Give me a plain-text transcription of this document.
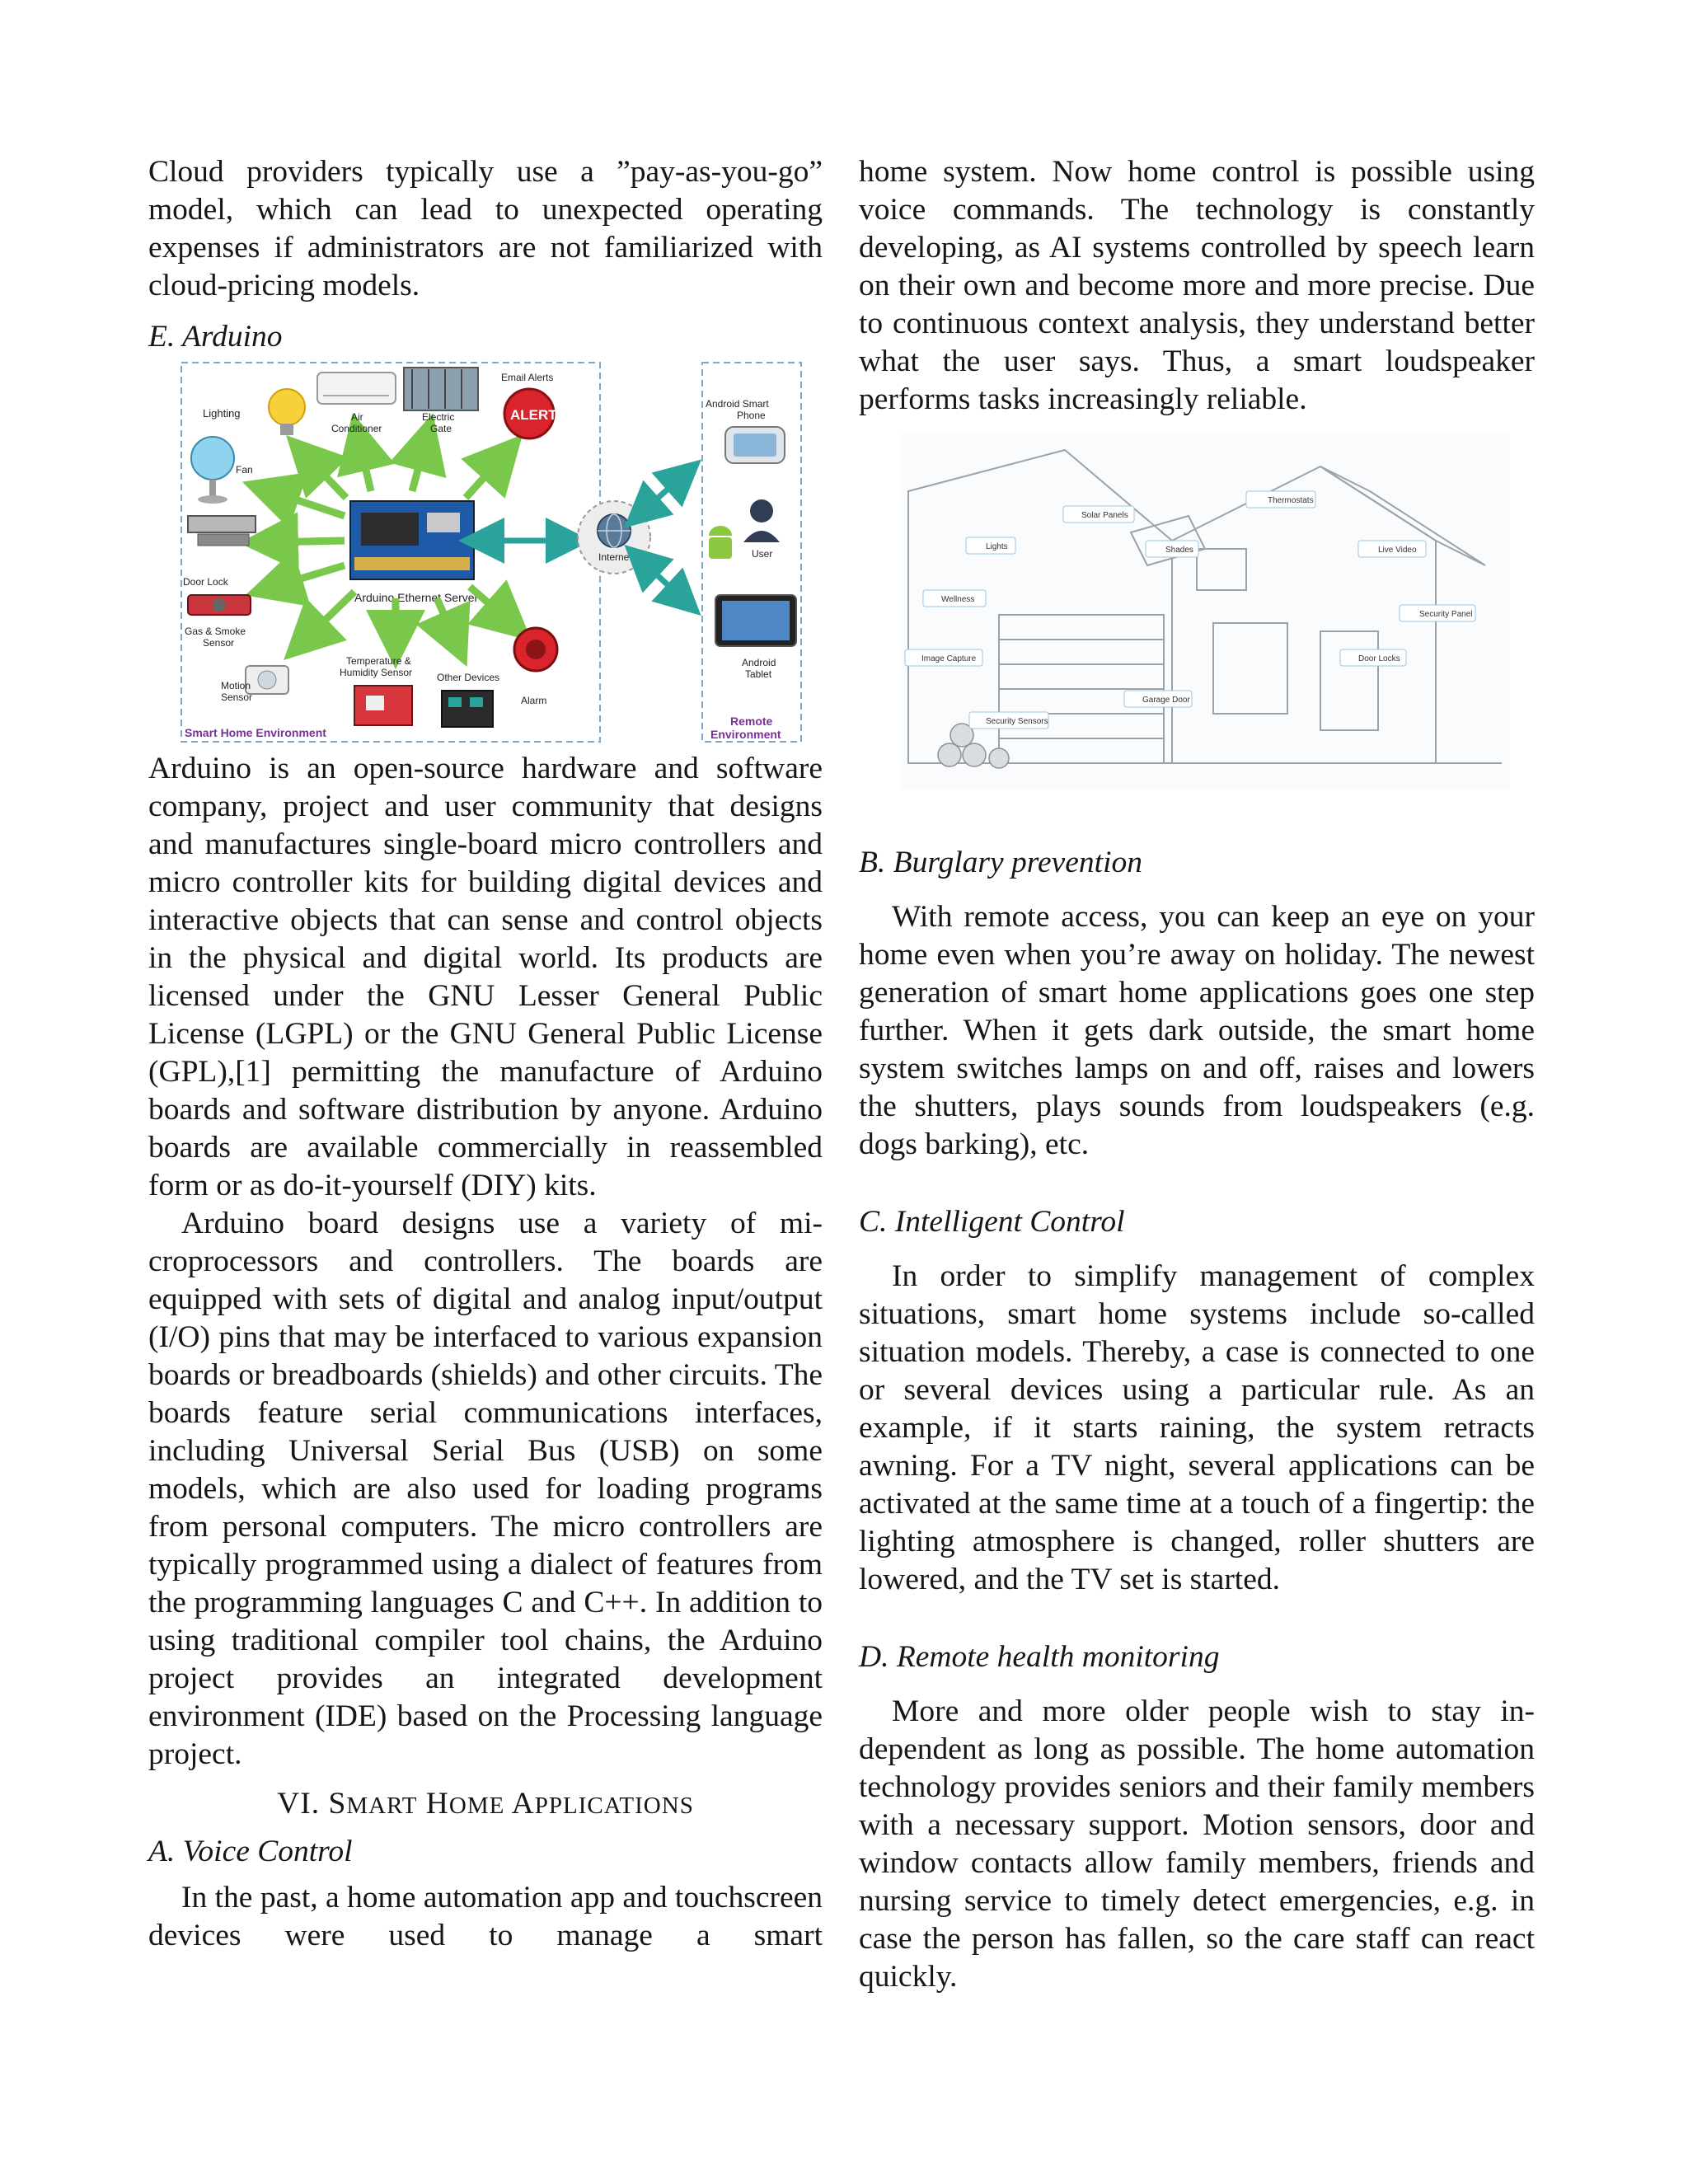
Cloud providers typically use a ”pay-as-you-go” model, which can lead to unexpected operating expenses if administrators are not familiarized with cloud-pricing models.

E. Arduino

Arduino Ethernet Server
Lighting	Air
Conditioner
Electric
Gate
Email Alerts
ALERT
Fan
Door Lock
Gas & Smoke
Sensor
Motion
Sensor
Temperature &
Humidity Sensor Other Devices
Alarm
Smart Home Environment
Internet
Android Smart
Phone
User
Android
Tablet
Remote
Environment

Arduino is an open-source hardware and software company, project and user community that designs and manufactures single-board micro controllers and micro controller kits for building digital devices and interactive objects that can sense and control objects in the physical and digital world. Its products are licensed under the GNU Lesser General Public License (LGPL) or the GNU General Public License (GPL),[1] permitting the manufacture of Arduino boards and software distribution by anyone. Arduino boards are available commercially in reassembled form or as do-it-yourself (DIY) kits.

Arduino board designs use a variety of microprocessors and controllers. The boards are equipped with sets of digital and analog input/output (I/O) pins that may be interfaced to various expansion boards or breadboards (shields) and other circuits. The boards feature serial communications interfaces, including Universal Serial Bus (USB) on some models, which are also used for loading programs from personal computers. The micro controllers are typically programmed using a dialect of features from the programming languages C and C++. In addition to using traditional compiler tool chains, the Arduino project provides an integrated development environment (IDE) based on the Processing language project.

VI. SMART HOME APPLICATIONS

A. Voice Control

In the past, a home automation app and touchscreen devices were used to manage a smart

home system. Now home control is possible using voice commands. The technology is constantly developing, as AI systems controlled by speech learn on their own and become more and more precise. Due to continuous context analysis, they understand better what the user says. Thus, a smart loudspeaker performs tasks increasingly reliable.

Solar Panels
Thermostats
Lights	Shades	Live Video
Wellness
Security Panel
Image Capture	Door Locks
Garage Door
Security Sensors

B. Burglary prevention

With remote access, you can keep an eye on your home even when you’re away on holiday. The newest generation of smart home applications goes one step further. When it gets dark outside, the smart home system switches lamps on and off, raises and lowers the shutters, plays sounds from loudspeakers (e.g. dogs barking), etc.

C. Intelligent Control

In order to simplify management of complex situations, smart home systems include so-called situation models. Thereby, a case is connected to one or several devices using a particular rule. As an example, if it starts raining, the system retracts awning. For a TV night, several applications can be activated at the same time at a touch of a fingertip: the lighting atmosphere is changed, roller shutters are lowered, and the TV set is started.

D. Remote health monitoring

More and more older people wish to stay independent as long as possible. The home automation technology provides seniors and their family members with a necessary support. Motion sensors, door and window contacts allow family members, friends and nursing service to timely detect emergencies, e.g. in case the person has fallen, so the care staff can react quickly.
